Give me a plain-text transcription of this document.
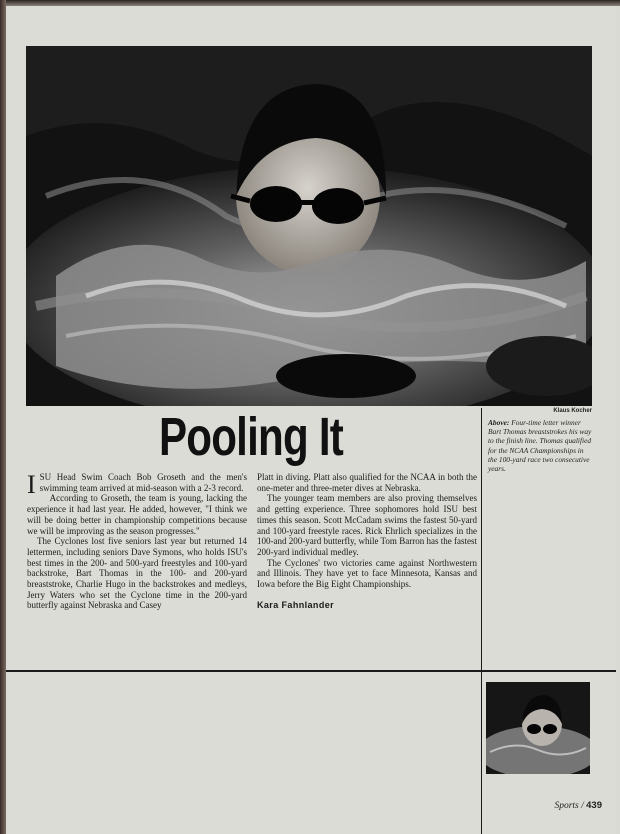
Klaus Kocher
Above: Four-time letter winner Bart Thomas breaststrokes his way to the finish line. Thomas qualified for the NCAA Championships in the 100-yard race two consecutive years.
Pooling It

ISU Head Swim Coach Bob Groseth and the men's swimming team arrived at mid-season with a 2-3 record.

According to Groseth, the team is young, lacking the experience it had last year. He added, however, "I think we will be doing better in championship competitions because we will be improving as the season progresses."

The Cyclones lost five seniors last year but returned 14 lettermen, including seniors Dave Symons, who holds ISU's best times in the 200- and 500-yard freestyles and 100-yard backstroke, Bart Thomas in the 100- and 200-yard breaststroke, Charlie Hugo in the backstrokes and medleys, Jerry Waters who set the Cyclone time in the 200-yard butterfly against Nebraska and Casey

Platt in diving. Platt also qualified for the NCAA in both the one-meter and three-meter dives at Nebraska.

The younger team members are also proving themselves and getting experience. Three sophomores hold ISU best times this season. Scott McCadam swims the fastest 50-yard and 100-yard freestyle races. Rick Ehrlich specializes in the 100-and 200-yard butterfly, while Tom Barron has the fastest 200-yard individual medley.

The Cyclones' two victories came against Northwestern and Illinois. They have yet to face Minnesota, Kansas and Iowa before the Big Eight Championships.

Kara Fahnlander
Sports / 439
